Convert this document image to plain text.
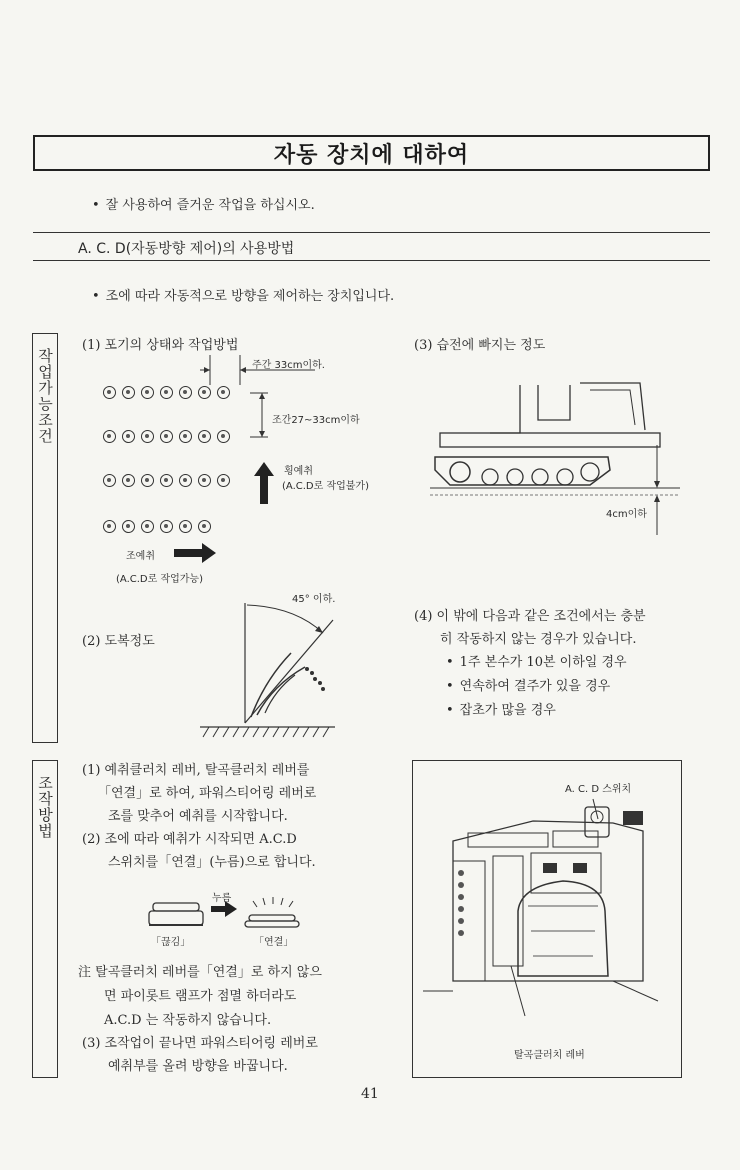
자동 장치에 대하여
• 잘 사용하여 즐거운 작업을 하십시오.
A. C. D(자동방향 제어)의 사용방법
• 조에 따라 자동적으로 방향을 제어하는 장치입니다.
작업가능조건
(1) 포기의 상태와 작업방법
주간 33cm이하.
조간27~33cm이하
횡예취
(A.C.D로 작업불가)
조예취
(A.C.D로 작업가능)
(2) 도복정도
45° 이하.
(3) 습전에 빠지는 정도
4cm이하
(4) 이 밖에 다음과 같은 조건에서는 충분
히 작동하지 않는 경우가 있습니다.
• 1주 본수가 10본 이하일 경우
• 연속하여 결주가 있을 경우
• 잡초가 많을 경우
조작방법
(1) 예취클러치 레버, 탈곡클러치 레버를
「연결」로 하여, 파워스티어링 레버로
조를 맞추어 예취를 시작합니다.
(2) 조에 따라 예취가 시작되면 A.C.D
스위치를「연결」(누름)으로 합니다.
누름
「끊김」	「연결」
注 탈곡클러치 레버를「연결」로 하지 않으
면 파이롯트 램프가 점멸 하더라도
A.C.D 는 작동하지 않습니다.
(3) 조작업이 끝나면 파워스티어링 레버로
예취부를 올려 방향을 바꿉니다.
A. C. D 스위치
탈곡클러치 레버
41
